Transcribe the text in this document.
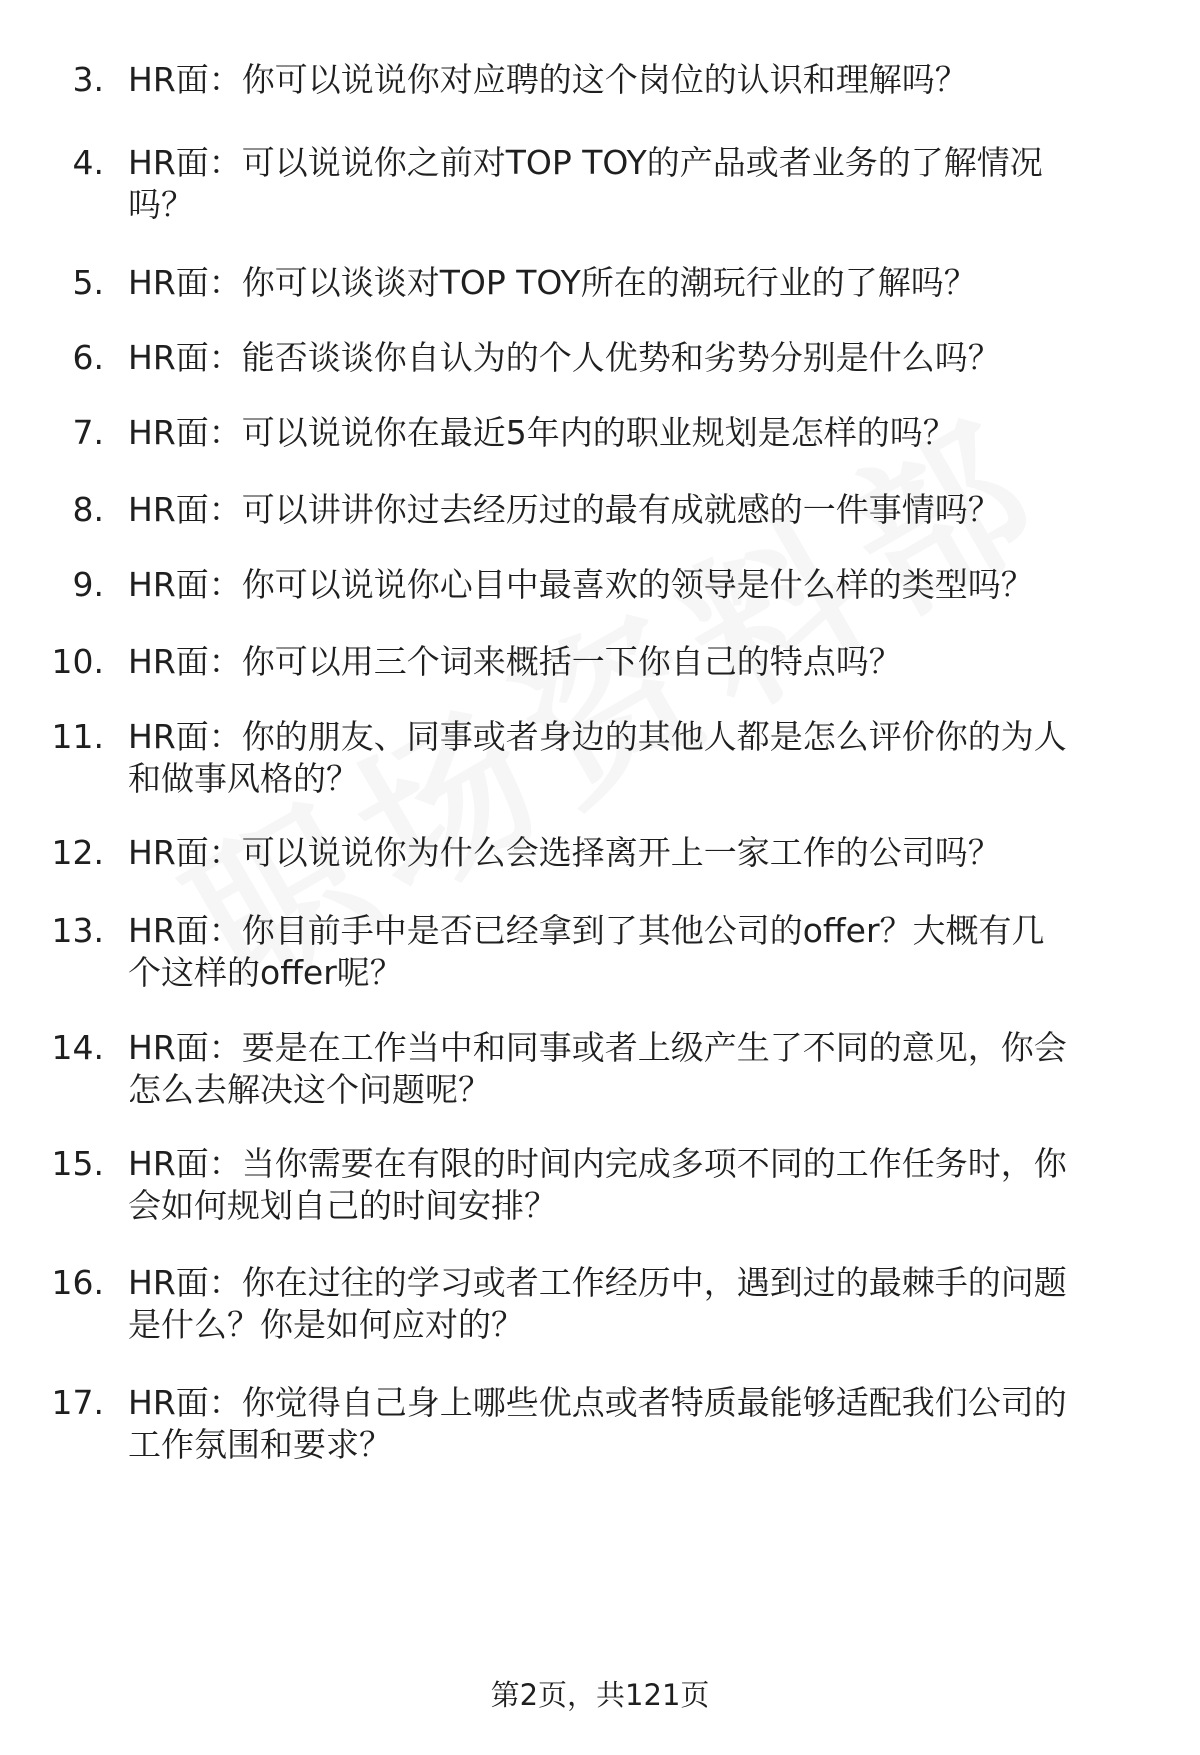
3. HR面：你可以说说你对应聘的这个岗位的认识和理解吗？
4. HR面：可以说说你之前对TOP TOY的产品或者业务的了解情况
吗？
5. HR面：你可以谈谈对TOP TOY所在的潮玩行业的了解吗？
6. HR面：能否谈谈你自认为的个人优势和劣势分别是什么吗？
7. HR面：可以说说你在最近5年内的职业规划是怎样的吗？
8. HR面：可以讲讲你过去经历过的最有成就感的一件事情吗？
9. HR面：你可以说说你心目中最喜欢的领导是什么样的类型吗？
10. HR面：你可以用三个词来概括一下你自己的特点吗？
11. HR面：你的朋友、同事或者身边的其他人都是怎么评价你的为人
和做事风格的？
12. HR面：可以说说你为什么会选择离开上一家工作的公司吗？
13. HR面：你目前手中是否已经拿到了其他公司的offer？大概有几
个这样的offer呢？
14. HR面：要是在工作当中和同事或者上级产生了不同的意见，你会
怎么去解决这个问题呢？
15. HR面：当你需要在有限的时间内完成多项不同的工作任务时，你
会如何规划自己的时间安排？
16. HR面：你在过往的学习或者工作经历中，遇到过的最棘手的问题
是什么？你是如何应对的？
17. HR面：你觉得自己身上哪些优点或者特质最能够适配我们公司的
工作氛围和要求？
第2页，共121页
